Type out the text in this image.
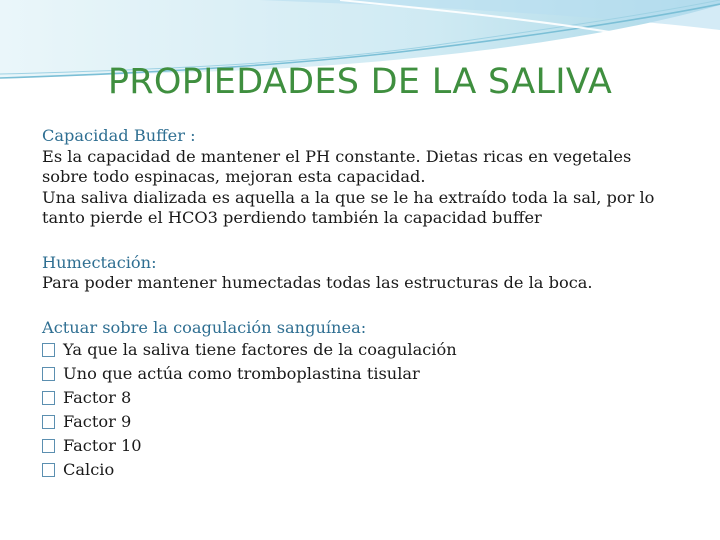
PROPIEDADES DE LA SALIVA

Capacidad Buffer :

Es la capacidad de mantener el PH constante. Dietas ricas en vegetales

sobre todo espinacas, mejoran esta capacidad.

Una saliva dializada es aquella a la que se le ha extraído toda la sal, por lo

tanto pierde el HCO3 perdiendo también la capacidad buffer

Humectación:

Para poder mantener humectadas todas las estructuras de la boca.

Actuar sobre la coagulación sanguínea:

Ya que la saliva tiene factores de la coagulación
Uno que actúa como tromboplastina tisular
Factor 8
Factor 9
Factor 10
Calcio
